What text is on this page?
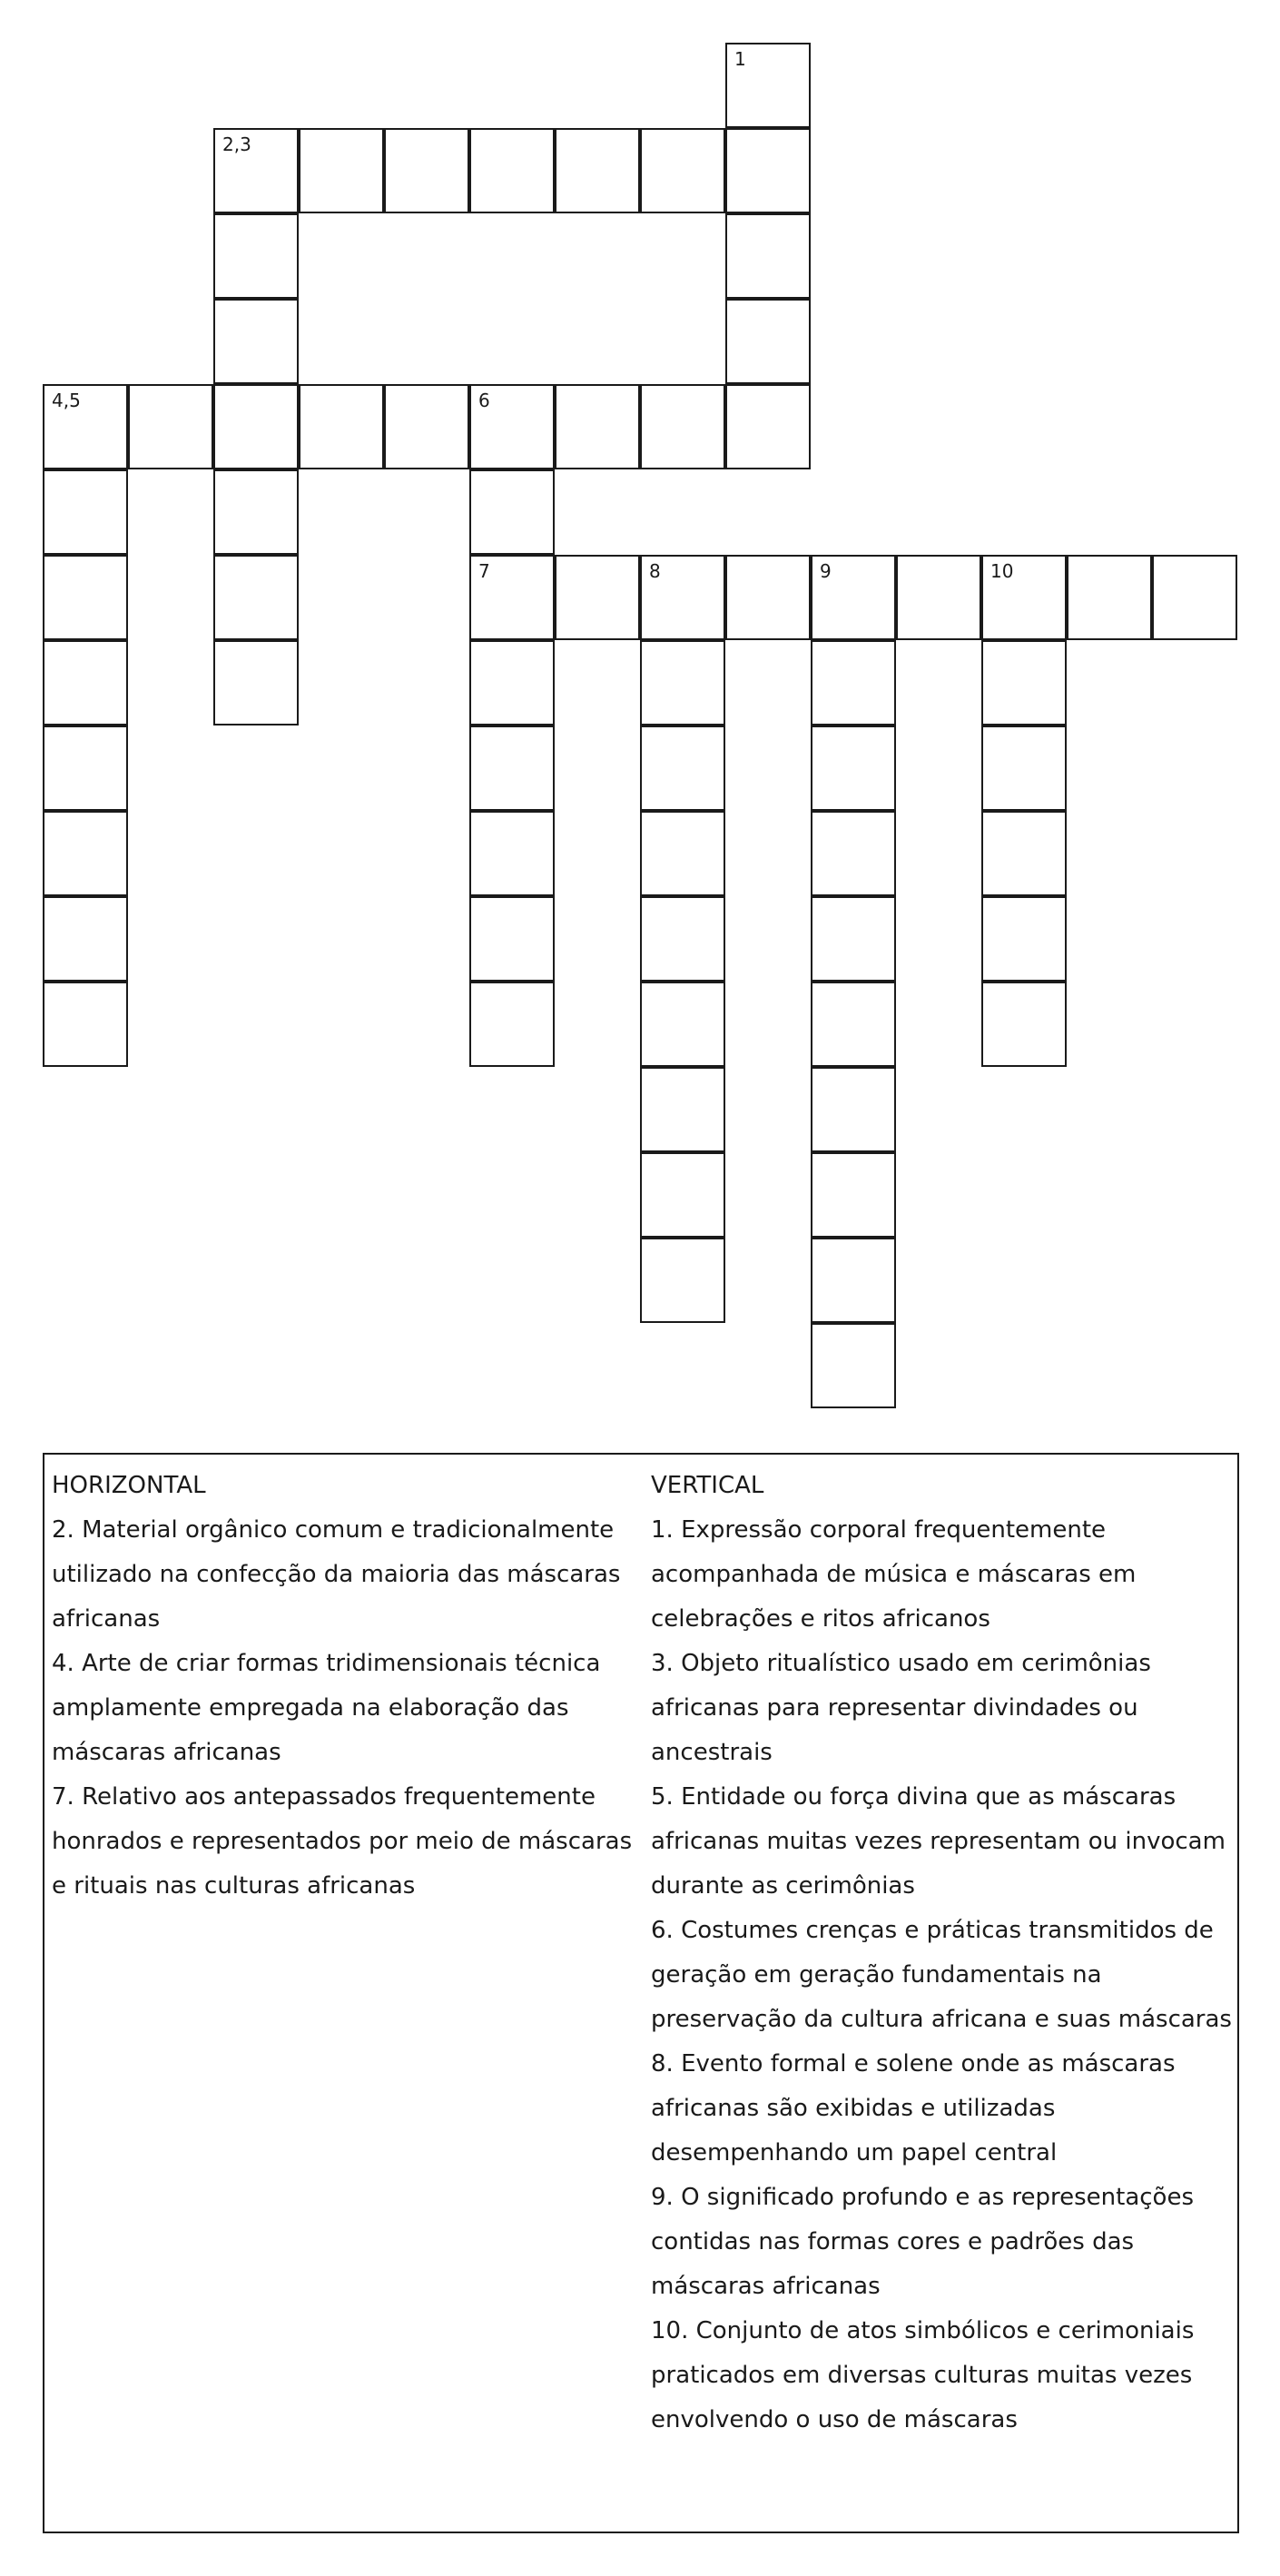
1
2,3
4,5	6
7	8	9	10
HORIZONTAL

2. Material orgânico comum e tradicionalmente utilizado na confecção da maioria das máscaras africanas

4. Arte de criar formas tridimensionais técnica amplamente empregada na elaboração das máscaras africanas

7. Relativo aos antepassados frequentemente honrados e representados por meio de máscaras e rituais nas culturas africanas

VERTICAL

1. Expressão corporal frequentemente acompanhada de música e máscaras em celebrações e ritos africanos

3. Objeto ritualístico usado em cerimônias africanas para representar divindades ou ancestrais

5. Entidade ou força divina que as máscaras africanas muitas vezes representam ou invocam durante as cerimônias

6. Costumes crenças e práticas transmitidos de geração em geração fundamentais na preservação da cultura africana e suas máscaras

8. Evento formal e solene onde as máscaras africanas são exibidas e utilizadas desempenhando um papel central

9. O significado profundo e as representações contidas nas formas cores e padrões das máscaras africanas

10. Conjunto de atos simbólicos e cerimoniais praticados em diversas culturas muitas vezes envolvendo o uso de máscaras
